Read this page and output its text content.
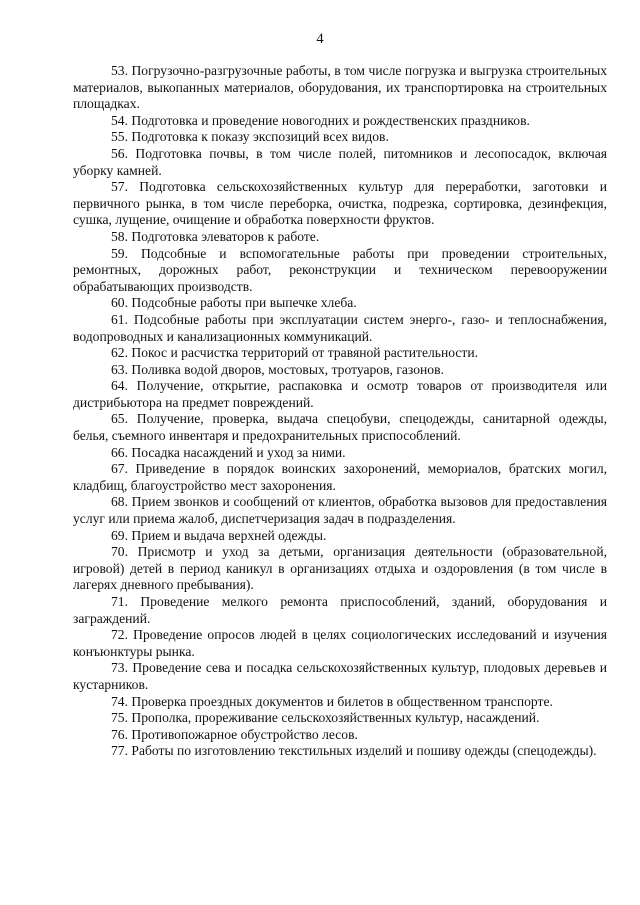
4

53. Погрузочно-разгрузочные работы, в том числе погрузка и выгрузка строительных материалов, выкопанных материалов, оборудования, их транспортировка на строительных площадках.

54. Подготовка и проведение новогодних и рождественских праздников.

55. Подготовка к показу экспозиций всех видов.

56. Подготовка почвы, в том числе полей, питомников и лесопосадок, включая уборку камней.

57. Подготовка сельскохозяйственных культур для переработки, заготовки и первичного рынка, в том числе переборка, очистка, подрезка, сортировка, дезинфекция, сушка, лущение, очищение и обработка поверхности фруктов.

58. Подготовка элеваторов к работе.

59. Подсобные и вспомогательные работы при проведении строительных, ремонтных, дорожных работ, реконструкции и техническом перевооружении обрабатывающих производств.

60. Подсобные работы при выпечке хлеба.

61. Подсобные работы при эксплуатации систем энерго-, газо- и теплоснабжения, водопроводных и канализационных коммуникаций.

62. Покос и расчистка территорий от травяной растительности.

63. Поливка водой дворов, мостовых, тротуаров, газонов.

64. Получение, открытие, распаковка и осмотр товаров от производителя или дистрибьютора на предмет повреждений.

65. Получение, проверка, выдача спецобуви, спецодежды, санитарной одежды, белья, съемного инвентаря и предохранительных приспособлений.

66. Посадка насаждений и уход за ними.

67. Приведение в порядок воинских захоронений, мемориалов, братских могил, кладбищ, благоустройство мест захоронения.

68. Прием звонков и сообщений от клиентов, обработка вызовов для предоставления услуг или приема жалоб, диспетчеризация задач в подразделения.

69. Прием и выдача верхней одежды.

70. Присмотр и уход за детьми, организация деятельности (образовательной, игровой) детей в период каникул в организациях отдыха и оздоровления (в том числе в лагерях дневного пребывания).

71. Проведение мелкого ремонта приспособлений, зданий, оборудования и заграждений.

72. Проведение опросов людей в целях социологических исследований и изучения конъюнктуры рынка.

73. Проведение сева и посадка сельскохозяйственных культур, плодовых деревьев и кустарников.

74. Проверка проездных документов и билетов в общественном транспорте.

75. Прополка, прореживание сельскохозяйственных культур, насаждений.

76. Противопожарное обустройство лесов.

77. Работы по изготовлению текстильных изделий и пошиву одежды (спецодежды).
